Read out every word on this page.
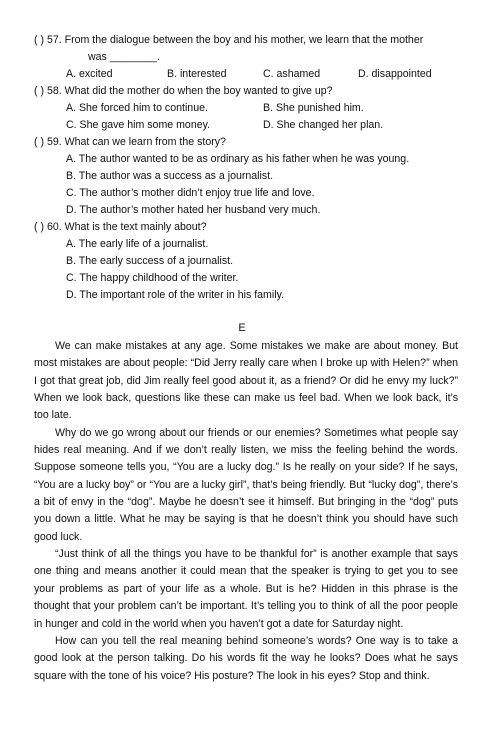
( ) 57. From the dialogue between the boy and his mother, we learn that the mother
was ________.
A. excited	B. interested	C. ashamed	D. disappointed
( ) 58. What did the mother do when the boy wanted to give up?
A. She forced him to continue.	B. She punished him.
C. She gave him some money.	D. She changed her plan.
( ) 59. What can we learn from the story?
A. The author wanted to be as ordinary as his father when he was young.
B. The author was a success as a journalist.
C. The author’s mother didn’t enjoy true life and love.
D. The author’s mother hated her husband very much.
( ) 60. What is the text mainly about?
A. The early life of a journalist.
B. The early success of a journalist.
C. The happy childhood of the writer.
D. The important role of the writer in his family.
E

We can make mistakes at any age. Some mistakes we make are about money. But most mistakes are about people: “Did Jerry really care when I broke up with Helen?” when I got that great job, did Jim really feel good about it, as a friend? Or did he envy my luck?” When we look back, questions like these can make us feel bad. When we look back, it’s too late.

Why do we go wrong about our friends or our enemies? Sometimes what people say hides real meaning. And if we don’t really listen, we miss the feeling behind the words. Suppose someone tells you, “You are a lucky dog.” Is he really on your side? If he says, “You are a lucky boy” or “You are a lucky girl”, that’s being friendly. But “lucky dog”, there’s a bit of envy in the “dog”. Maybe he doesn’t see it himself. But bringing in the “dog” puts you down a little. What he may be saying is that he doesn’t think you should have such good luck.

“Just think of all the things you have to be thankful for” is another example that says one thing and means another it could mean that the speaker is trying to get you to see your problems as part of your life as a whole. But is he? Hidden in this phrase is the thought that your problem can’t be important. It’s telling you to think of all the poor people in hunger and cold in the world when you haven’t got a date for Saturday night.

How can you tell the real meaning behind someone’s words? One way is to take a good look at the person talking. Do his words fit the way he looks? Does what he says square with the tone of his voice? His posture? The look in his eyes? Stop and think.
